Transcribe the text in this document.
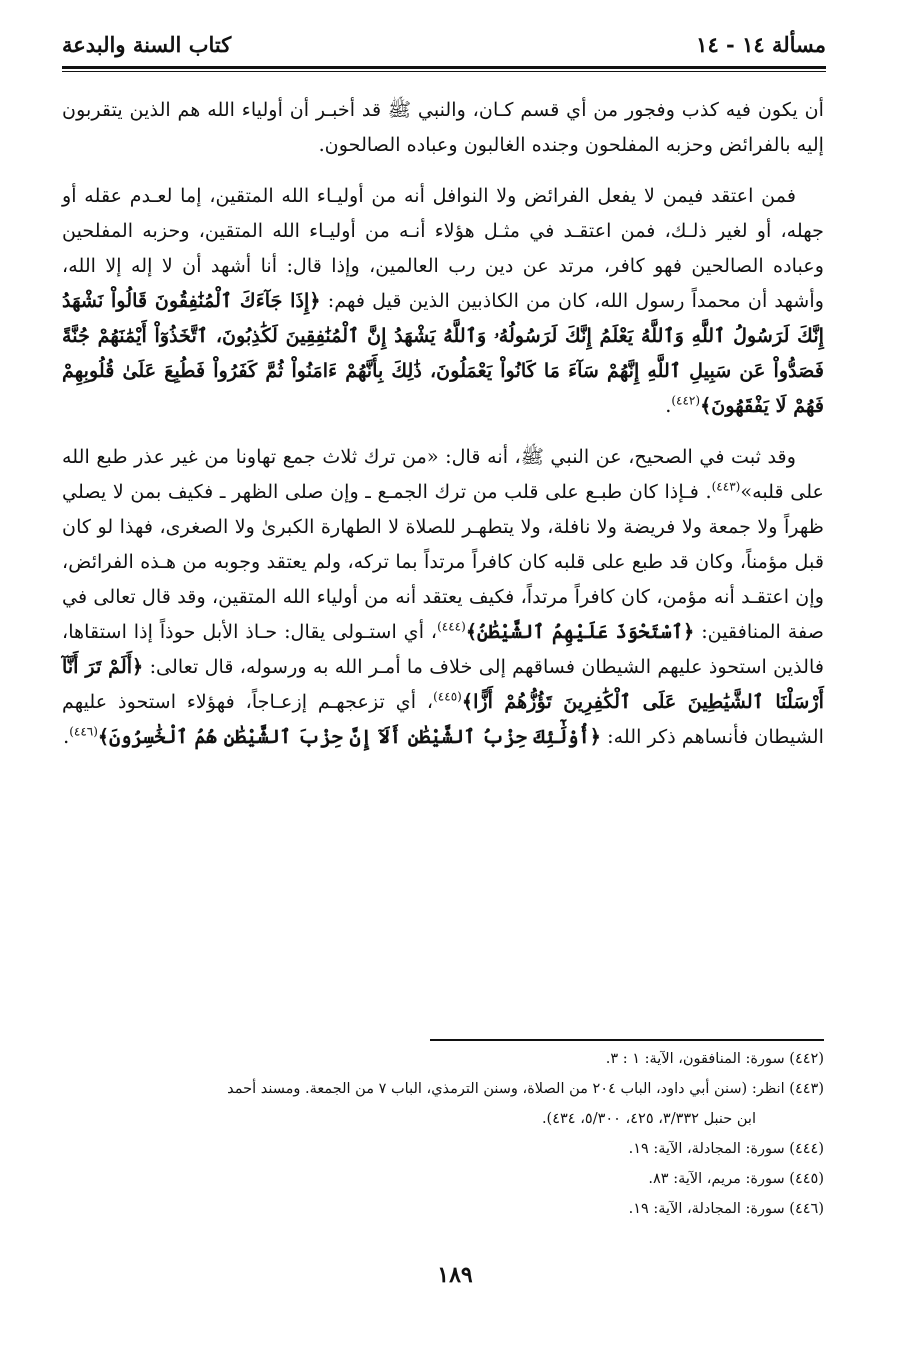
مسألة ١٤ - ١٤
كتاب السنة والبدعة

أن يكون فيه كذب وفجور من أي قسم كـان، والنبي ﷺ قد أخبـر أن أولياء الله هم الذين يتقربون إليه بالفرائض وحزبه المفلحون وجنده الغالبون وعباده الصالحون.

فمن اعتقد فيمن لا يفعل الفرائض ولا النوافل أنه من أوليـاء الله المتقين، إما لعـدم عقله أو جهله، أو لغير ذلـك، فمن اعتقـد في مثـل هؤلاء أنـه من أوليـاء الله المتقين، وحزبه المفلحين وعباده الصالحين فهو كافر، مرتد عن دين رب العالمين، وإذا قال: أنا أشهد أن لا إله إلا الله، وأشهد أن محمداً رسول الله، كان من الكاذبين الذين قيل فهم: ﴿إِذَا جَآءَكَ ٱلْمُنَٰفِقُونَ قَالُواْ نَشْهَدُ إِنَّكَ لَرَسُولُ ٱللَّهِ وَٱللَّهُ يَعْلَمُ إِنَّكَ لَرَسُولُهُۥ وَٱللَّهُ يَشْهَدُ إِنَّ ٱلْمُنَٰفِقِينَ لَكَٰذِبُونَ، ٱتَّخَذُوٓاْ أَيْمَٰنَهُمْ جُنَّةً فَصَدُّواْ عَن سَبِيلِ ٱللَّهِ إِنَّهُمْ سَآءَ مَا كَانُواْ يَعْمَلُونَ، ذَٰلِكَ بِأَنَّهُمْ ءَامَنُواْ ثُمَّ كَفَرُواْ فَطُبِعَ عَلَىٰ قُلُوبِهِمْ فَهُمْ لَا يَفْقَهُونَ﴾$^{(٤٤٢)}$.

وقد ثبت في الصحيح، عن النبي ﷺ، أنه قال: «من ترك ثلاث جمع تهاونا من غير عذر طبع الله على قلبه»$^{(٤٤٣)}$. فـإذا كان طبـع على قلب من ترك الجمـع ـ وإن صلى الظهر ـ فكيف بمن لا يصلي ظهراً ولا جمعة ولا فريضة ولا نافلة، ولا يتطهـر للصلاة لا الطهارة الكبرىٰ ولا الصغرى، فهذا لو كان قبل مؤمناً، وكان قد طبع على قلبه كان كافراً مرتداً بما تركه، ولم يعتقد وجوبه من هـذه الفرائض، وإن اعتقـد أنه مؤمن، كان كافراً مرتداً، فكيف يعتقد أنه من أولياء الله المتقين، وقد قال تعالى في صفة المنافقين: ﴿ٱسْتَحْوَذَ عَلَيْهِمُ ٱلشَّيْطَٰنُ﴾$^{(٤٤٤)}$، أي استـولى يقال: حـاذ الأبل حوذاً إذا استقاها، فالذين استحوذ عليهم الشيطان فساقهم إلى خلاف ما أمـر الله به ورسوله، قال تعالى: ﴿أَلَمْ تَرَ أَنَّآ أَرْسَلْنَا ٱلشَّيَٰطِينَ عَلَى ٱلْكَٰفِرِينَ تَؤُزُّهُمْ أَزًّا﴾$^{(٤٤٥)}$، أي تزعجهـم إزعـاجاً، فهؤلاء استحوذ عليهم الشيطان فأنساهم ذكر الله: ﴿أُوْلَٰٓئِكَ حِزْبُ ٱلشَّيْطَٰنِ أَلَآ إِنَّ حِزْبَ ٱلشَّيْطَٰنِ هُمُ ٱلْخَٰسِرُونَ﴾$^{(٤٤٦)}$.

(٤٤٢) سورة: المنافقون، الآية: ١ : ٣.

(٤٤٣) انظر: (سنن أبي داود، الباب ٢٠٤ من الصلاة، وسنن الترمذي، الباب ٧ من الجمعة. ومسند أحمد
ابن حنبل ٣/٣٣٢، ٤٢٥، ٥/٣٠٠، ٤٣٤).

(٤٤٤) سورة: المجادلة، الآية: ١٩.

(٤٤٥) سورة: مريم، الآية: ٨٣.

(٤٤٦) سورة: المجادلة، الآية: ١٩.

١٨٩
